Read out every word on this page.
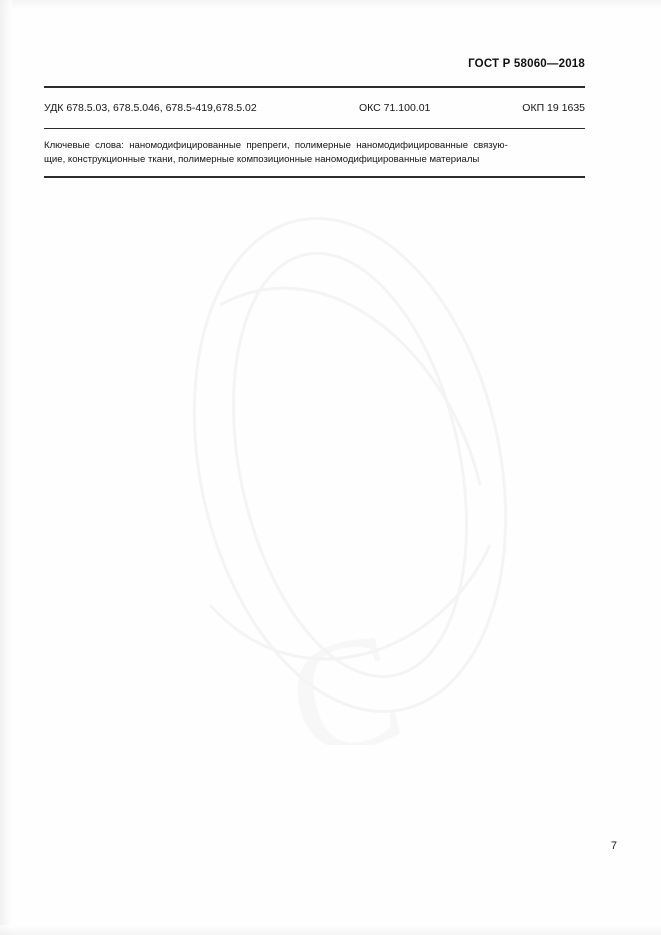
ГОСТ Р 58060—2018
УДК 678.5.03, 678.5.046, 678.5-419,678.5.02	ОКС 71.100.01	ОКП 19 1635
Ключевые слова: наномодифицированные препреги, полимерные наномодифицированные связую-
щие, конструкционные ткани, полимерные композиционные наномодифицированные материалы
7
